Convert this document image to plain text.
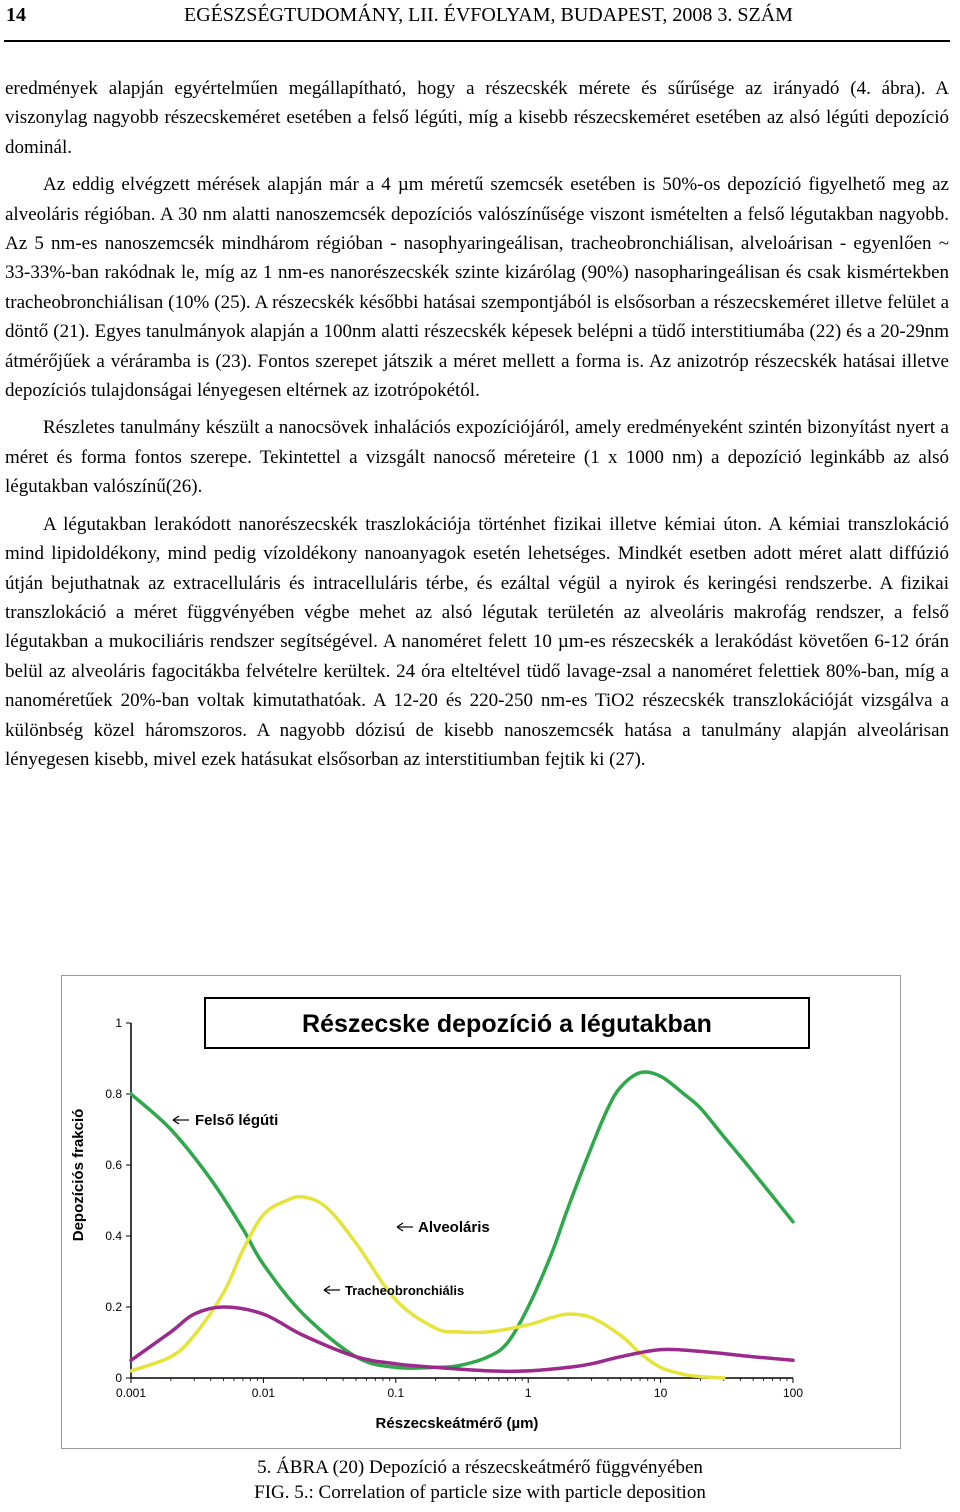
14	EGÉSZSÉGTUDOMÁNY, LII. ÉVFOLYAM, BUDAPEST, 2008 3. SZÁM

eredmények alapján egyértelműen megállapítható, hogy a részecskék mérete és sűrűsége az irányadó (4. ábra). A viszonylag nagyobb részecskeméret esetében a felső légúti, míg a kisebb részecskeméret esetében az alsó légúti depozíció dominál.

Az eddig elvégzett mérések alapján már a 4 µm méretű szemcsék esetében is 50%-os depozíció figyelhető meg az alveoláris régióban. A 30 nm alatti nanoszemcsék depozíciós valószínűsége viszont ismételten a felső légutakban nagyobb. Az 5 nm-es nanoszemcsék mindhárom régióban - nasophyaringeálisan, tracheobronchiálisan, alveloárisan - egyenlően ~ 33-33%-ban rakódnak le, míg az 1 nm-es nanorészecskék szinte kizárólag (90%) nasopharingeálisan és csak kismértekben tracheobronchiálisan (10% (25). A részecskék későbbi hatásai szempontjából is elsősorban a részecskeméret illetve felület a döntő (21). Egyes tanulmányok alapján a 100nm alatti részecskék képesek belépni a tüdő interstitiumába (22) és a 20-29nm átmérőjűek a véráramba is (23). Fontos szerepet játszik a méret mellett a forma is. Az anizotróp részecskék hatásai illetve depozíciós tulajdonságai lényegesen eltérnek az izotrópokétól.

Részletes tanulmány készült a nanocsövek inhalációs expozíciójáról, amely eredményeként szintén bizonyítást nyert a méret és forma fontos szerepe. Tekintettel a vizsgált nanocső méreteire (1 x 1000 nm) a depozíció leginkább az alsó légutakban valószínű(26).

A légutakban lerakódott nanorészecskék traszlokációja történhet fizikai illetve kémiai úton. A kémiai transzlokáció mind lipidoldékony, mind pedig vízoldékony nanoanyagok esetén lehetséges. Mindkét esetben adott méret alatt diffúzió útján bejuthatnak az extracelluláris és intracelluláris térbe, és ezáltal végül a nyirok és keringési rendszerbe. A fizikai transzlokáció a méret függvényében végbe mehet az alsó légutak területén az alveoláris makrofág rendszer, a felső légutakban a mukociliáris rendszer segítségével. A nanoméret felett 10 µm-es részecskék a lerakódást követően 6-12 órán belül az alveoláris fagocitákba felvételre kerültek. 24 óra elteltével tüdő lavage-zsal a nanoméret felettiek 80%-ban, míg a nanoméretűek 20%-ban voltak kimutathatóak. A 12-20 és 220-250 nm-es TiO2 részecskék transzlokációját vizsgálva a különbség közel háromszoros. A nagyobb dózisú de kisebb nanoszemcsék hatása a tanulmány alapján alveolárisan lényegesen kisebb, mivel ezek hatásukat elsősorban az interstitiumban fejtik ki (27).

Részecske depozíció a légutakban
0.001	0.01	0.1	1	10	100
0
0.2
0.4
0.6
0.8
1
Felső légúti
Alveoláris
Tracheobronchiális
Részecskeátmérő (µm)
Depozíciós frakció
5. ÁBRA (20) Depozíció a részecskeátmérő függvényében
FIG. 5.: Correlation of particle size with particle deposition
